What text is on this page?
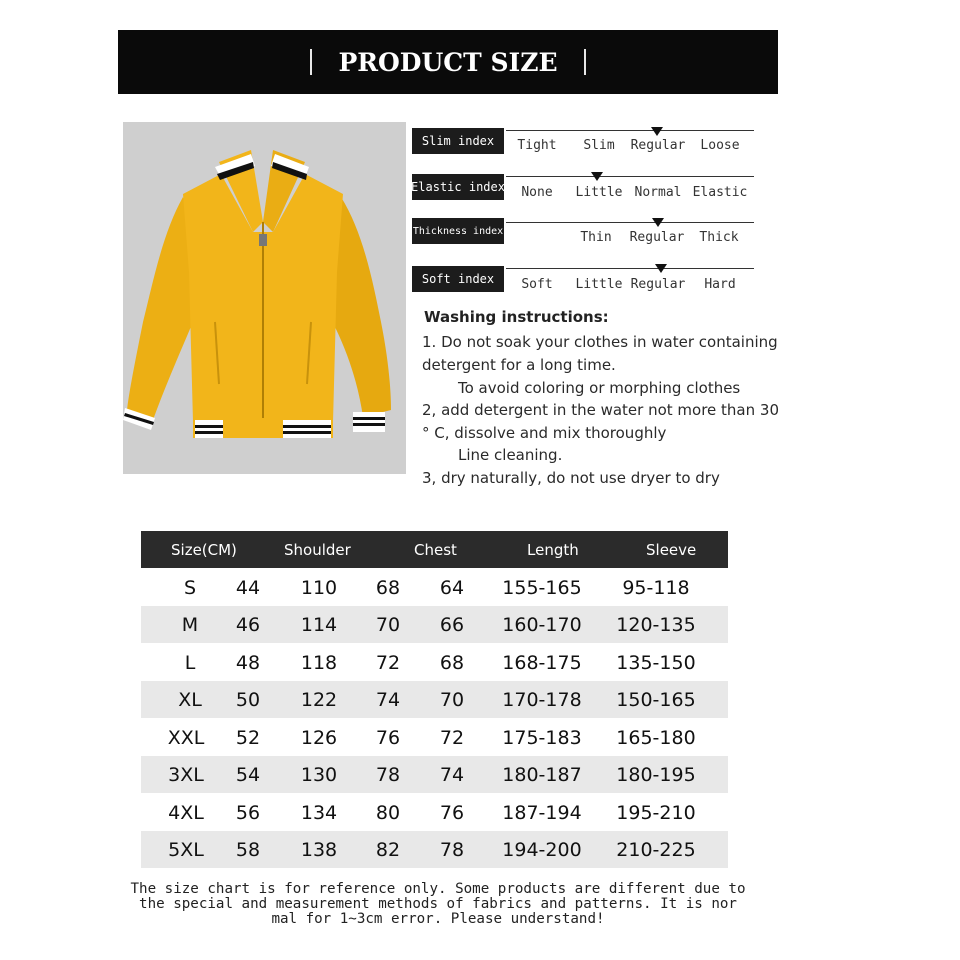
PRODUCT SIZE
Slim index	Tight	Slim	Regular	Loose
Elastic index	None	Little Normal Elastic
Thickness index	Thin	Regular	Thick
Soft index	Soft	Little Regular	Hard
Washing instructions:
1. Do not soak your clothes in water containing
detergent for a long time.
To avoid coloring or morphing clothes
2, add detergent in the water not more than 30
° C, dissolve and mix thoroughly
Line cleaning.
3, dry naturally, do not use dryer to dry
Size(CM)	Shoulder	Chest	Length	Sleeve
S	44 110 68 64 155-165	95-118
M 46 114 70 66 160-170 120-135
L	48 118 72 68 168-175 135-150
XL	50 122 74 70 170-178 150-165
XXL	52 126 76 72 175-183 165-180
3XL	54 130 78 74 180-187 180-195
4XL	56 134 80 76 187-194 195-210
5XL	58 138 82 78 194-200 210-225
The size chart is for reference only. Some products are different due to
the special and measurement methods of fabrics and patterns. It is nor
mal for 1~3cm error. Please understand!
